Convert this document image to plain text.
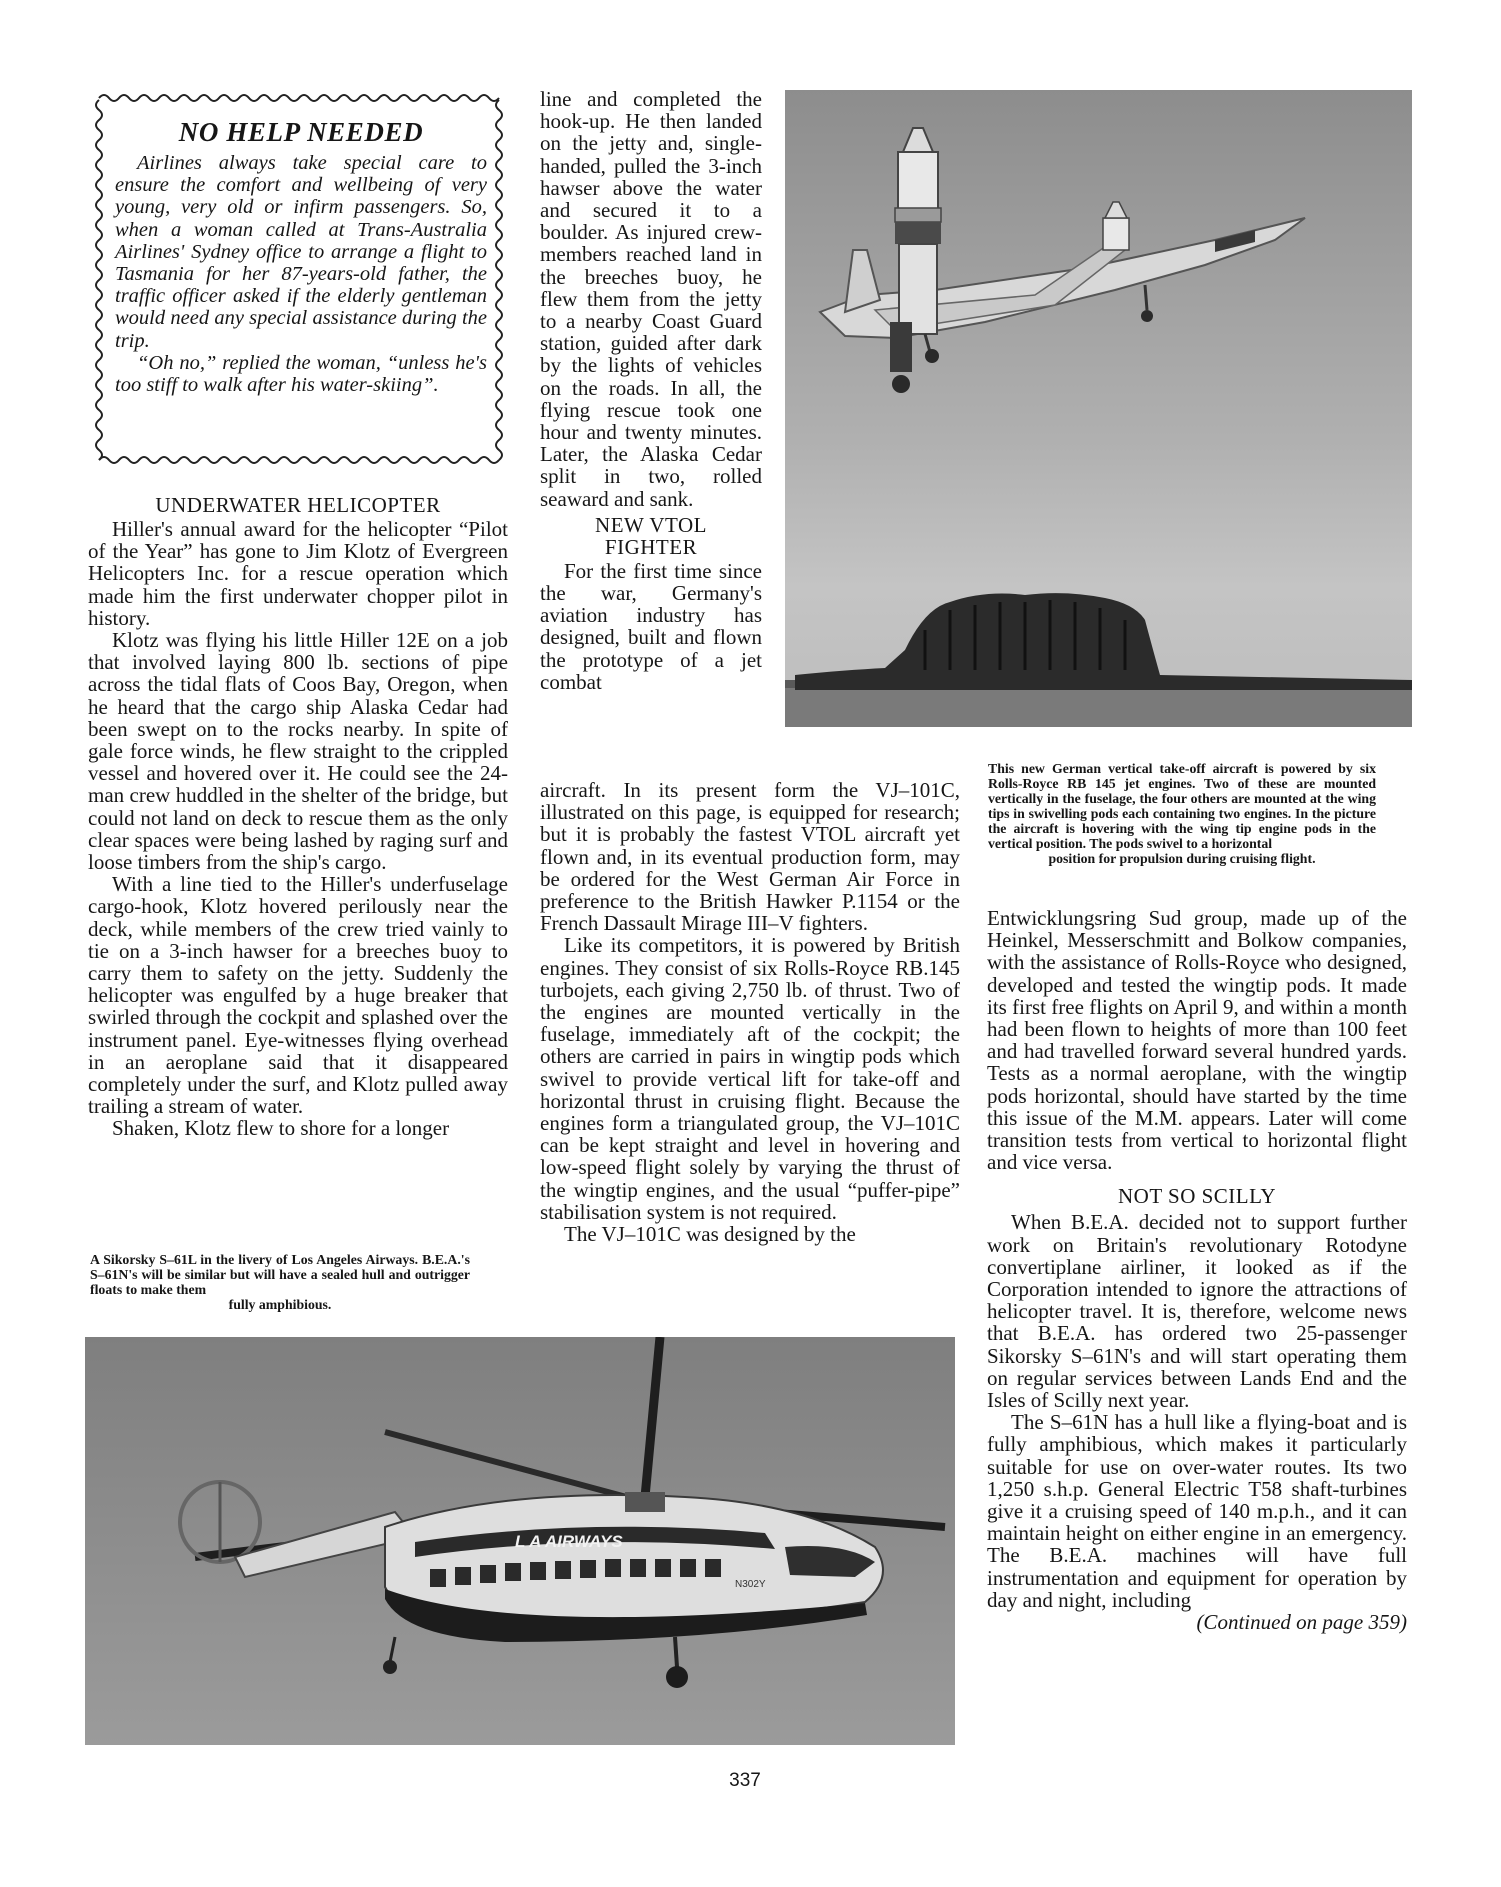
NO HELP NEEDED

Airlines always take special care to ensure the comfort and wellbeing of very young, very old or infirm passengers. So, when a woman called at Trans-Australia Airlines' Sydney office to arrange a flight to Tasmania for her 87-years-old father, the traffic officer asked if the elderly gentleman would need any special assistance during the trip.

“Oh no,” replied the woman, “unless he's too stiff to walk after his water-skiing”.

UNDERWATER HELICOPTER

Hiller's annual award for the helicopter “Pilot of the Year” has gone to Jim Klotz of Evergreen Helicopters Inc. for a rescue operation which made him the first underwater chopper pilot in history.

Klotz was flying his little Hiller 12E on a job that involved laying 800 lb. sections of pipe across the tidal flats of Coos Bay, Oregon, when he heard that the cargo ship Alaska Cedar had been swept on to the rocks nearby. In spite of gale force winds, he flew straight to the crippled vessel and hovered over it. He could see the 24-man crew huddled in the shelter of the bridge, but could not land on deck to rescue them as the only clear spaces were being lashed by raging surf and loose timbers from the ship's cargo.

With a line tied to the Hiller's underfuselage cargo-hook, Klotz hovered perilously near the deck, while members of the crew tried vainly to tie on a 3-inch hawser for a breeches buoy to carry them to safety on the jetty. Suddenly the helicopter was engulfed by a huge breaker that swirled through the cockpit and splashed over the instrument panel. Eye-witnesses flying overhead in an aeroplane said that it disappeared completely under the surf, and Klotz pulled away trailing a stream of water.

Shaken, Klotz flew to shore for a longer

A Sikorsky S–61L in the livery of Los Angeles Airways. B.E.A.'s S–61N's will be similar but will have a sealed hull and outrigger floats to make them
fully amphibious.

line and completed the hook-up. He then landed on the jetty and, single-handed, pulled the 3-inch hawser above the water and secured it to a boulder. As injured crew-members reached land in the breeches buoy, he flew them from the jetty to a nearby Coast Guard station, guided after dark by the lights of vehicles on the roads. In all, the flying rescue took one hour and twenty minutes. Later, the Alaska Cedar split in two, rolled seaward and sank.

NEW VTOL
FIGHTER

For the first time since the war, Germany's aviation industry has designed, built and flown the prototype of a jet combat

aircraft. In its present form the VJ–101C, illustrated on this page, is equipped for research; but it is probably the fastest VTOL aircraft yet flown and, in its eventual production form, may be ordered for the West German Air Force in preference to the British Hawker P.1154 or the French Dassault Mirage III–V fighters.

Like its competitors, it is powered by British engines. They consist of six Rolls-Royce RB.145 turbojets, each giving 2,750 lb. of thrust. Two of the engines are mounted vertically in the fuselage, immediately aft of the cockpit; the others are carried in pairs in wingtip pods which swivel to provide vertical lift for take-off and horizontal thrust in cruising flight. Because the engines form a triangulated group, the VJ–101C can be kept straight and level in hovering and low-speed flight solely by varying the thrust of the wingtip engines, and the usual “puffer-pipe” stabilisation system is not required.

The VJ–101C was designed by the

This new German vertical take-off aircraft is powered by six Rolls-Royce RB 145 jet engines. Two of these are mounted vertically in the fuselage, the four others are mounted at the wing tips in swivelling pods each containing two engines. In the picture the aircraft is hovering with the wing tip engine pods in the vertical position. The pods swivel to a horizontal
position for propulsion during cruising flight.

Entwicklungsring Sud group, made up of the Heinkel, Messerschmitt and Bolkow companies, with the assistance of Rolls-Royce who designed, developed and tested the wingtip pods. It made its first free flights on April 9, and within a month had been flown to heights of more than 100 feet and had travelled forward several hundred yards. Tests as a normal aeroplane, with the wingtip pods horizontal, should have started by the time this issue of the M.M. appears. Later will come transition tests from vertical to horizontal flight and vice versa.

NOT SO SCILLY

When B.E.A. decided not to support further work on Britain's revolutionary Rotodyne convertiplane airliner, it looked as if the Corporation intended to ignore the attractions of helicopter travel. It is, therefore, welcome news that B.E.A. has ordered two 25-passenger Sikorsky S–61N's and will start operating them on regular services between Lands End and the Isles of Scilly next year.

The S–61N has a hull like a flying-boat and is fully amphibious, which makes it particularly suitable for use on over-water routes. Its two 1,250 s.h.p. General Electric T58 shaft-turbines give it a cruising speed of 140 m.p.h., and it can maintain height on either engine in an emergency. The B.E.A. machines will have full instrumentation and equipment for operation by day and night, including

(Continued on page 359)

L A AIRWAYS
N302Y
337
